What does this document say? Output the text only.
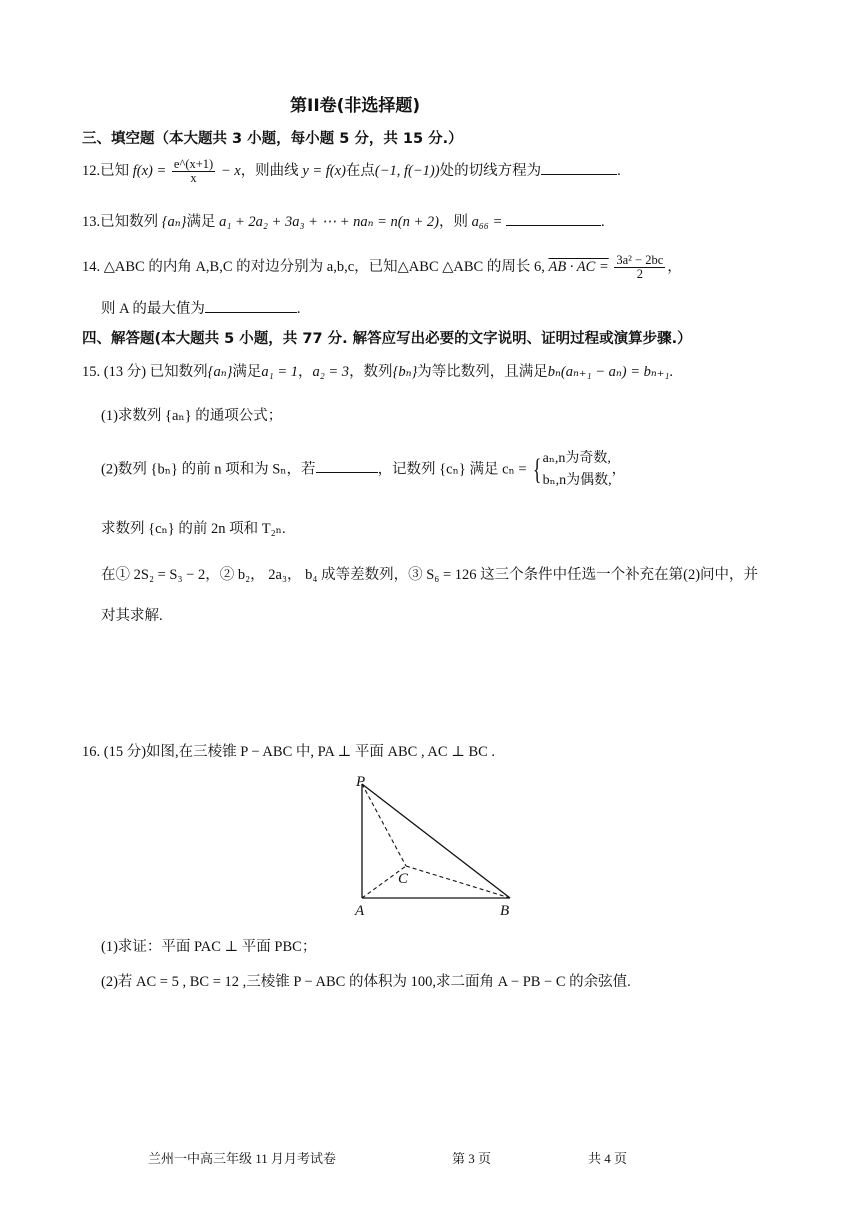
第II卷(非选择题)
三、填空题（本大题共 3 小题，每小题 5 分，共 15 分.）
12.已知 $f(x) = \frac{e\^{}(x+1)}{x} - x$，则曲线 y = f(x)在点(−1, f(−1))处的切线方程为	.
13.已知数列 {aₙ}满足 a₁ + 2a₂ + 3a₃ + ⋯ + naₙ = n(n + 2)，则 a₆₆ =	.
14. △ABC 的内角 A,B,C 的对边分别为 a,b,c，已知△ABC △ABC 的周长 6, AB · AC = $\frac{\text{3a² − 2bc}}{2}$ ，
则 A 的最大值为	.
四、解答题(本大题共 5 小题，共 77 分. 解答应写出必要的文字说明、证明过程或演算步骤.）
15. (13 分) 已知数列{aₙ}满足a₁ = 1，a₂ = 3，数列{bₙ}为等比数列，且满足bₙ(aₙ₊₁ − aₙ) = bₙ₊₁.
(1)求数列 {aₙ} 的通项公式；
(2)数列 {bₙ} 的前 n 项和为 Sₙ，若	，记数列 {cₙ} 满足 cₙ = { aₙ,n为奇数,
bₙ,n为偶数,
，
求数列 {cₙ} 的前 2n 项和 T₂ₙ.
在① 2S₂ = S₃ − 2，② b₂， 2a₃， b₄ 成等差数列，③ S₆ = 126 这三个条件中任选一个补充在第(2)问中，并
对其求解.
16. (15 分)如图,在三棱锥 P − ABC 中, PA ⊥ 平面 ABC , AC ⊥ BC .
P
A	B
C
(1)求证：平面 PAC ⊥ 平面 PBC；
(2)若 AC = 5 , BC = 12 ,三棱锥 P − ABC 的体积为 100,求二面角 A − PB − C 的余弦值.
兰州一中高三年级 11 月月考试卷	第 3 页	共 4 页
